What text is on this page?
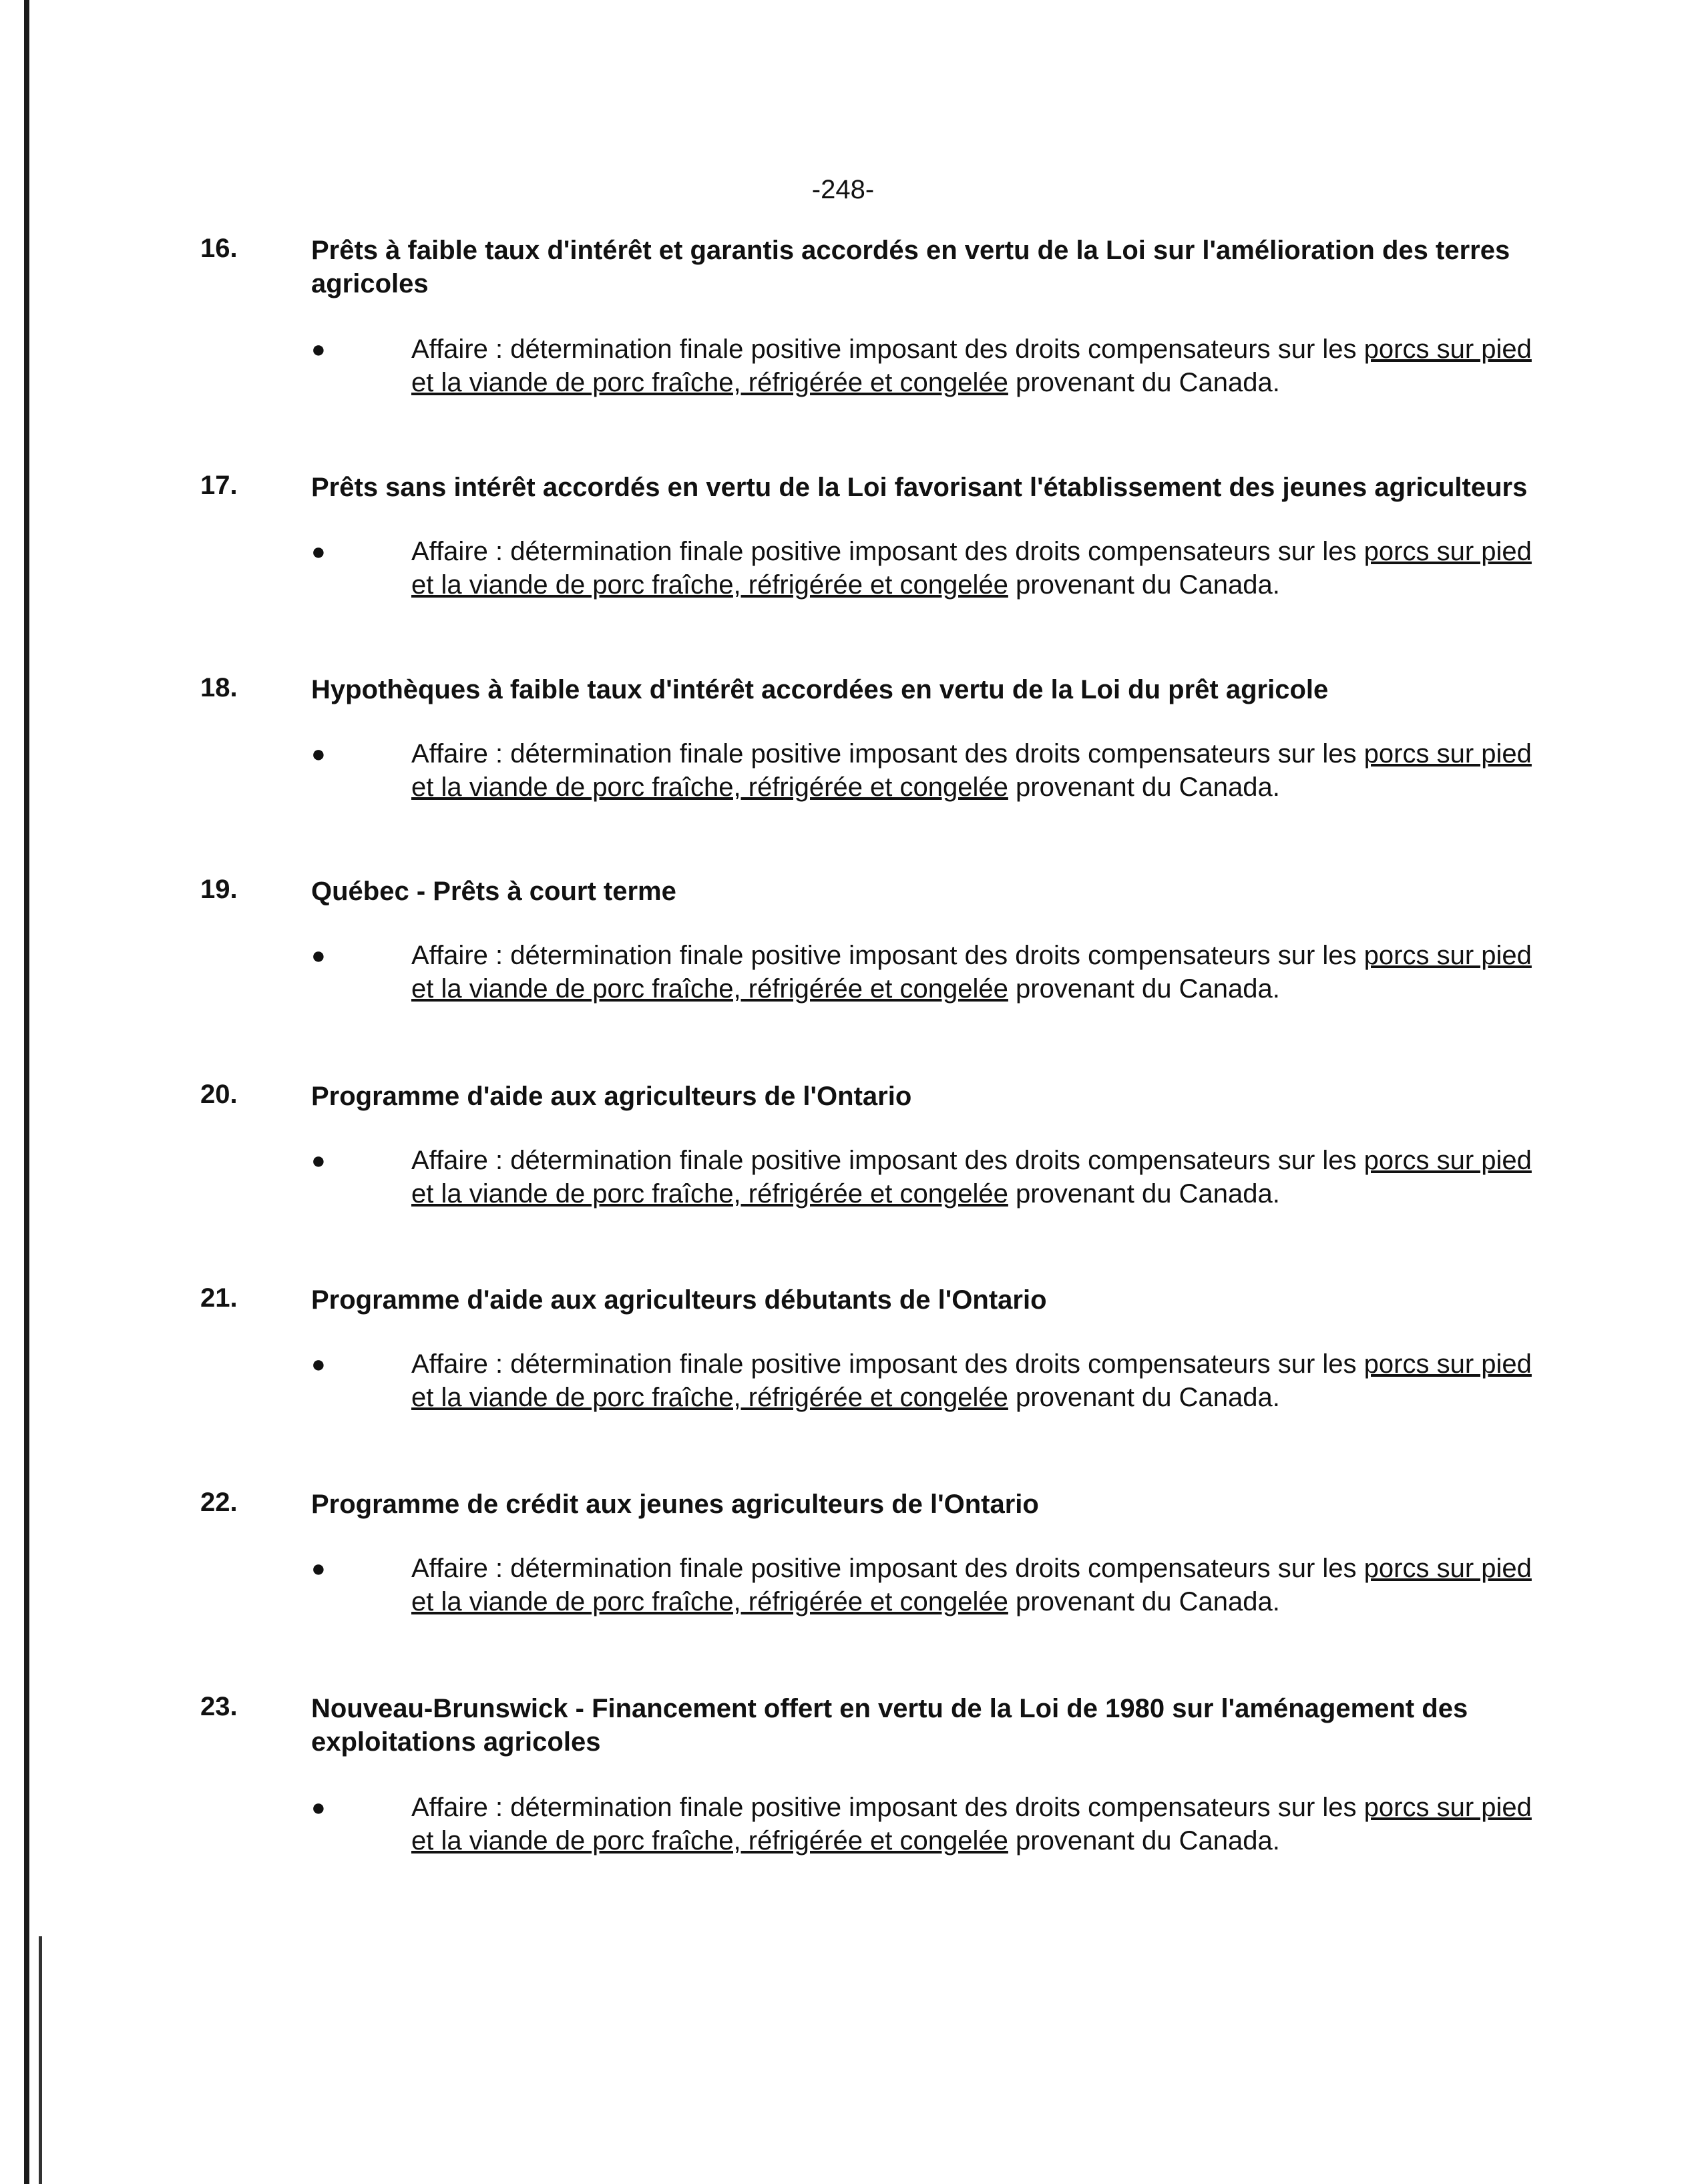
-248-
16.	Prêts à faible taux d'intérêt et garantis accordés en vertu de la Loi sur l'amélioration des terres agricoles
●	Affaire : détermination finale positive imposant des droits compensateurs sur les porcs sur pied et la viande de porc fraîche, réfrigérée et congelée provenant du Canada.
17.	Prêts sans intérêt accordés en vertu de la Loi favorisant l'établissement des jeunes agriculteurs
●	Affaire : détermination finale positive imposant des droits compensateurs sur les porcs sur pied et la viande de porc fraîche, réfrigérée et congelée provenant du Canada.
18.	Hypothèques à faible taux d'intérêt accordées en vertu de la Loi du prêt agricole
●	Affaire : détermination finale positive imposant des droits compensateurs sur les porcs sur pied et la viande de porc fraîche, réfrigérée et congelée provenant du Canada.
19.	Québec - Prêts à court terme
●	Affaire : détermination finale positive imposant des droits compensateurs sur les porcs sur pied et la viande de porc fraîche, réfrigérée et congelée provenant du Canada.
20.	Programme d'aide aux agriculteurs de l'Ontario
●	Affaire : détermination finale positive imposant des droits compensateurs sur les porcs sur pied et la viande de porc fraîche, réfrigérée et congelée provenant du Canada.
21.	Programme d'aide aux agriculteurs débutants de l'Ontario
●	Affaire : détermination finale positive imposant des droits compensateurs sur les porcs sur pied et la viande de porc fraîche, réfrigérée et congelée provenant du Canada.
22.	Programme de crédit aux jeunes agriculteurs de l'Ontario
●	Affaire : détermination finale positive imposant des droits compensateurs sur les porcs sur pied et la viande de porc fraîche, réfrigérée et congelée provenant du Canada.
23.	Nouveau-Brunswick - Financement offert en vertu de la Loi de 1980 sur l'aménagement des exploitations agricoles
●	Affaire : détermination finale positive imposant des droits compensateurs sur les porcs sur pied et la viande de porc fraîche, réfrigérée et congelée provenant du Canada.
